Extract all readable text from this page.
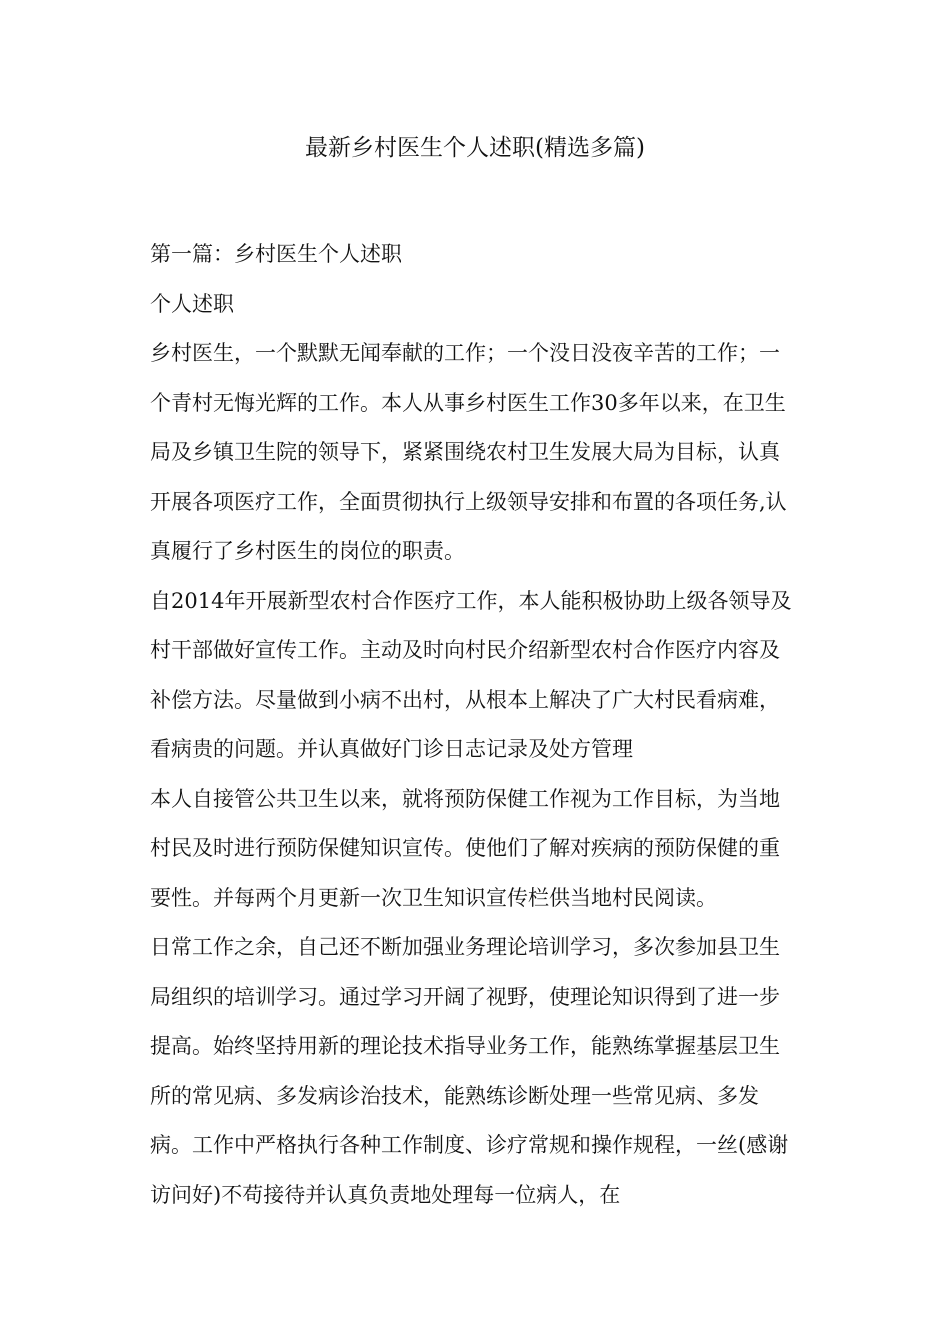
最新乡村医生个人述职(精选多篇)

第一篇：乡村医生个人述职

个人述职

乡村医生，一个默默无闻奉献的工作；一个没日没夜辛苦的工作；一个青村无悔光辉的工作。本人从事乡村医生工作30多年以来，在卫生局及乡镇卫生院的领导下，紧紧围绕农村卫生发展大局为目标，认真开展各项医疗工作，全面贯彻执行上级领导安排和布置的各项任务,认真履行了乡村医生的岗位的职责。

自2014年开展新型农村合作医疗工作，本人能积极协助上级各领导及村干部做好宣传工作。主动及时向村民介绍新型农村合作医疗内容及补偿方法。尽量做到小病不出村，从根本上解决了广大村民看病难，看病贵的问题。并认真做好门诊日志记录及处方管理

本人自接管公共卫生以来，就将预防保健工作视为工作目标，为当地村民及时进行预防保健知识宣传。使他们了解对疾病的预防保健的重要性。并每两个月更新一次卫生知识宣传栏供当地村民阅读。

日常工作之余，自己还不断加强业务理论培训学习，多次参加县卫生局组织的培训学习。通过学习开阔了视野，使理论知识得到了进一步提高。始终坚持用新的理论技术指导业务工作，能熟练掌握基层卫生所的常见病、多发病诊治技术，能熟练诊断处理一些常见病、多发病。工作中严格执行各种工作制度、诊疗常规和操作规程，一丝(感谢访问好)不苟接待并认真负责地处理每一位病人，在
